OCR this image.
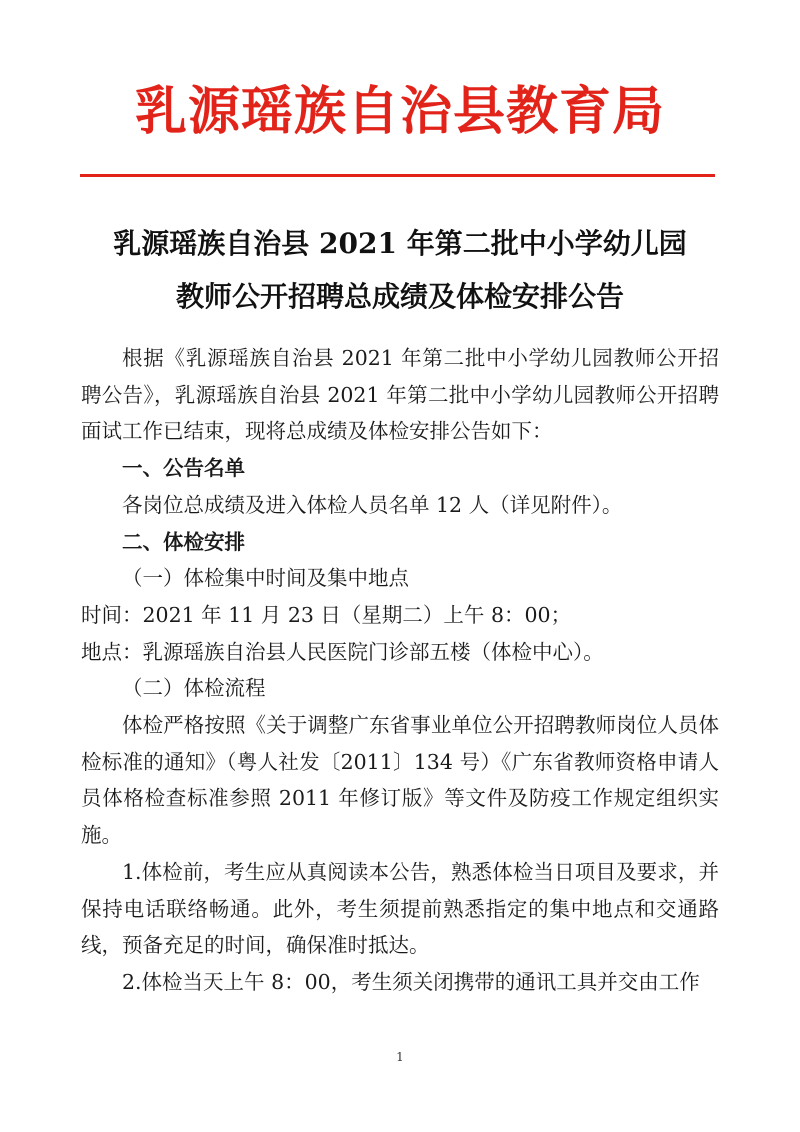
乳源瑶族自治县教育局
乳源瑶族自治县 2021 年第二批中小学幼儿园
教师公开招聘总成绩及体检安排公告

根据《乳源瑶族自治县 2021 年第二批中小学幼儿园教师公开招聘公告》，乳源瑶族自治县 2021 年第二批中小学幼儿园教师公开招聘面试工作已结束，现将总成绩及体检安排公告如下：

一、公告名单

各岗位总成绩及进入体检人员名单 12 人（详见附件）。

二、体检安排

（一）体检集中时间及集中地点

时间：2021 年 11 月 23 日（星期二）上午 8：00；

地点：乳源瑶族自治县人民医院门诊部五楼（体检中心）。

（二）体检流程

体检严格按照《关于调整广东省事业单位公开招聘教师岗位人员体检标准的通知》（粤人社发〔2011〕134 号）《广东省教师资格申请人员体格检查标准参照 2011 年修订版》等文件及防疫工作规定组织实施。

1.体检前，考生应从真阅读本公告，熟悉体检当日项目及要求，并保持电话联络畅通。此外，考生须提前熟悉指定的集中地点和交通路线，预备充足的时间，确保准时抵达。

2.体检当天上午 8：00，考生须关闭携带的通讯工具并交由工作

1
